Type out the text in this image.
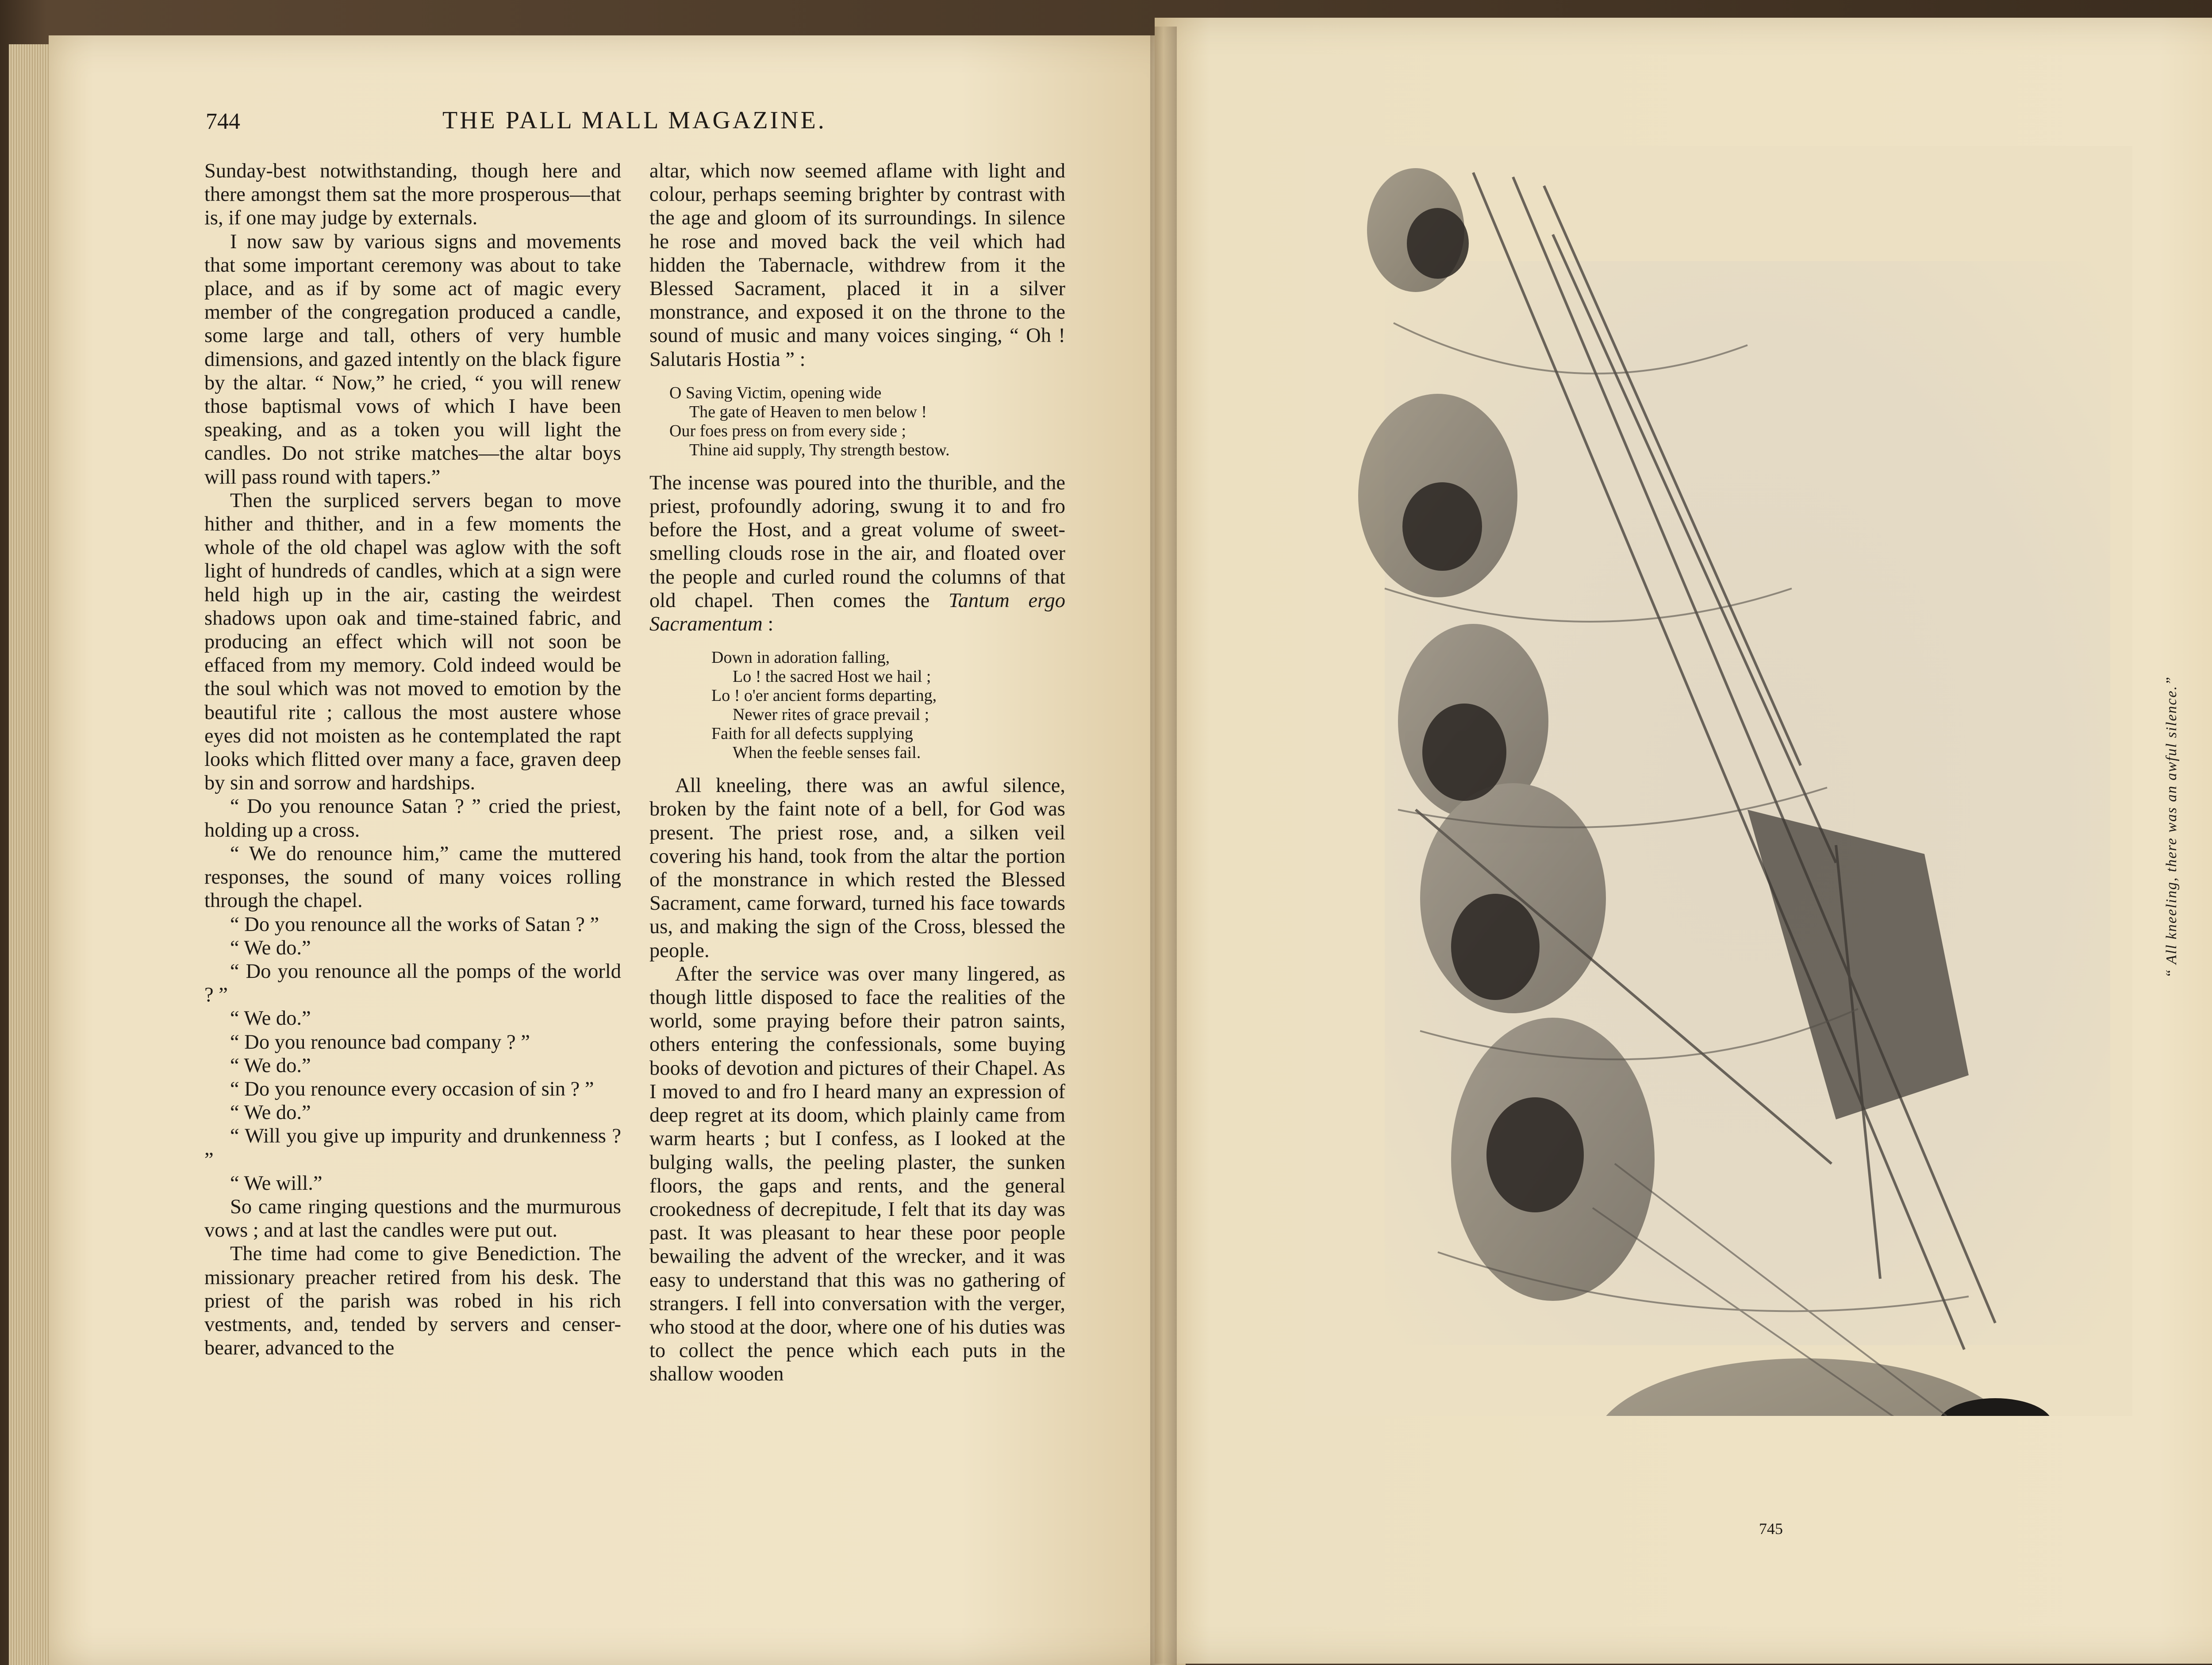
744	THE PALL MALL MAGAZINE.

Sunday-best notwithstanding, though here and there amongst them sat the more prosperous—that is, if one may judge by externals.

I now saw by various signs and movements that some important ceremony was about to take place, and as if by some act of magic every member of the congregation produced a candle, some large and tall, others of very humble dimensions, and gazed intently on the black figure by the altar. “ Now,” he cried, “ you will renew those baptismal vows of which I have been speaking, and as a token you will light the candles. Do not strike matches—the altar boys will pass round with tapers.”

Then the surpliced servers began to move hither and thither, and in a few moments the whole of the old chapel was aglow with the soft light of hundreds of candles, which at a sign were held high up in the air, casting the weirdest shadows upon oak and time-stained fabric, and producing an effect which will not soon be effaced from my memory. Cold indeed would be the soul which was not moved to emotion by the beautiful rite ; callous the most austere whose eyes did not moisten as he contemplated the rapt looks which flitted over many a face, graven deep by sin and sorrow and hardships.

“ Do you renounce Satan ? ” cried the priest, holding up a cross.

“ We do renounce him,” came the muttered responses, the sound of many voices rolling through the chapel.

“ Do you renounce all the works of Satan ? ”

“ We do.”

“ Do you renounce all the pomps of the world ? ”

“ We do.”

“ Do you renounce bad company ? ”

“ We do.”

“ Do you renounce every occasion of sin ? ”

“ We do.”

“ Will you give up impurity and drunkenness ? ”

“ We will.”

So came ringing questions and the murmurous vows ; and at last the candles were put out.

The time had come to give Benediction. The missionary preacher retired from his desk. The priest of the parish was robed in his rich vestments, and, tended by servers and censer-bearer, advanced to the

altar, which now seemed aflame with light and colour, perhaps seeming brighter by contrast with the age and gloom of its surroundings. In silence he rose and moved back the veil which had hidden the Tabernacle, withdrew from it the Blessed Sacrament, placed it in a silver monstrance, and exposed it on the throne to the sound of music and many voices singing, “ Oh ! Salutaris Hostia ” :

O Saving Victim, opening wide
The gate of Heaven to men below !
Our foes press on from every side ;
Thine aid supply, Thy strength bestow.

The incense was poured into the thurible, and the priest, profoundly adoring, swung it to and fro before the Host, and a great volume of sweet-smelling clouds rose in the air, and floated over the people and curled round the columns of that old chapel. Then comes the Tantum ergo Sacramentum :

Down in adoration falling,
Lo ! the sacred Host we hail ;
Lo ! o'er ancient forms departing,
Newer rites of grace prevail ;
Faith for all defects supplying
When the feeble senses fail.

All kneeling, there was an awful silence, broken by the faint note of a bell, for God was present. The priest rose, and, a silken veil covering his hand, took from the altar the portion of the monstrance in which rested the Blessed Sacrament, came forward, turned his face towards us, and making the sign of the Cross, blessed the people.

After the service was over many lingered, as though little disposed to face the realities of the world, some praying before their patron saints, others entering the confessionals, some buying books of devotion and pictures of their Chapel. As I moved to and fro I heard many an expression of deep regret at its doom, which plainly came from warm hearts ; but I confess, as I looked at the bulging walls, the peeling plaster, the sunken floors, the gaps and rents, and the general crookedness of decrepitude, I felt that its day was past. It was pleasant to hear these poor people bewailing the advent of the wrecker, and it was easy to understand that this was no gathering of strangers. I fell into conversation with the verger, who stood at the door, where one of his duties was to collect the pence which each puts in the shallow wooden

“ All kneeling, there was an awful silence.”
745
